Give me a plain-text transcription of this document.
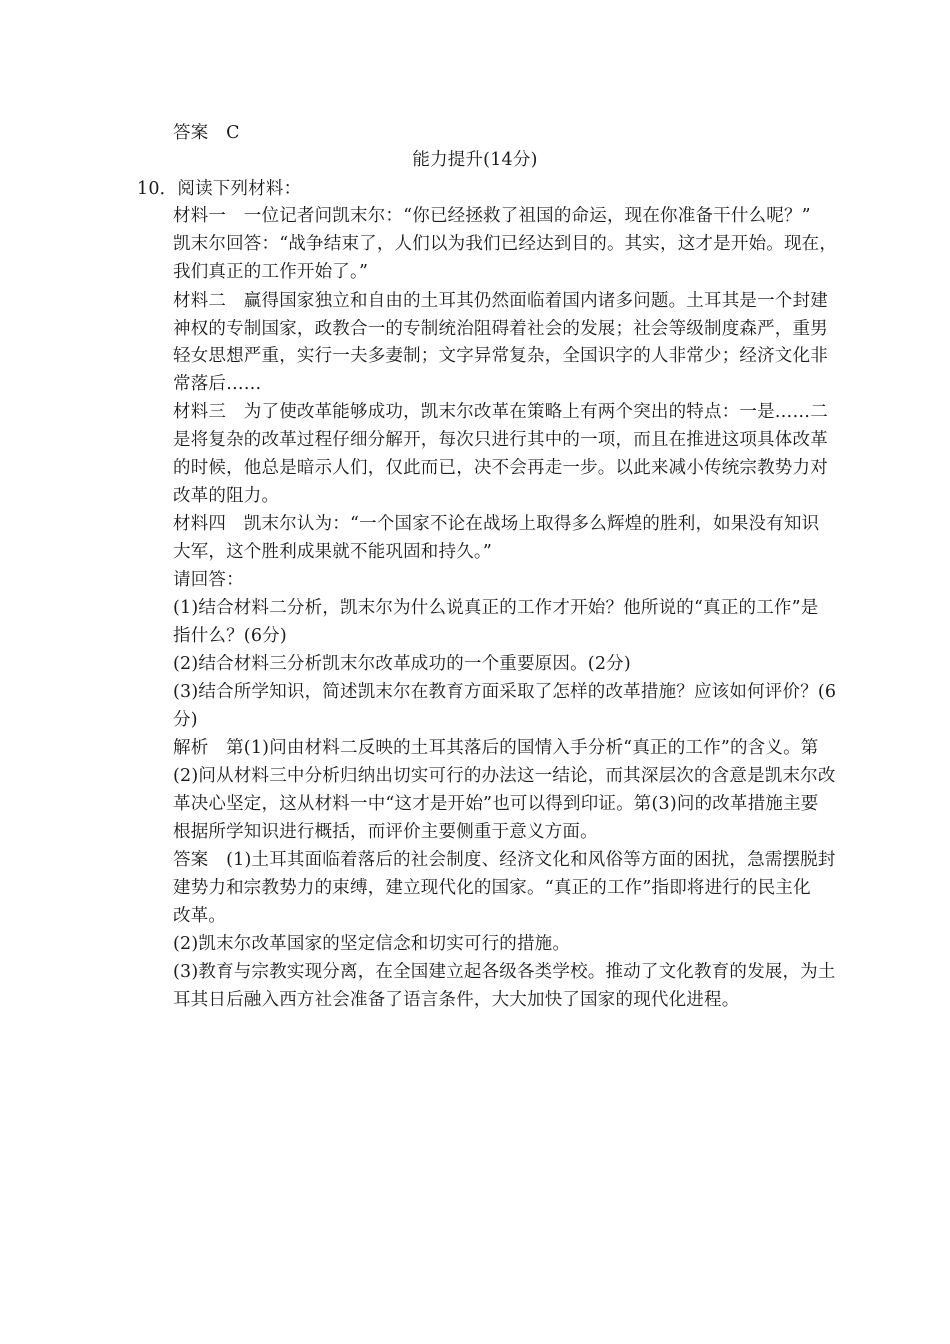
答案　C
能力提升(14分)
10．阅读下列材料：
材料一　一位记者问凯末尔：“你已经拯救了祖国的命运，现在你准备干什么呢？”
凯末尔回答：“战争结束了，人们以为我们已经达到目的。其实，这才是开始。现在，
我们真正的工作开始了。”
材料二　赢得国家独立和自由的土耳其仍然面临着国内诸多问题。土耳其是一个封建
神权的专制国家，政教合一的专制统治阻碍着社会的发展；社会等级制度森严，重男
轻女思想严重，实行一夫多妻制；文字异常复杂，全国识字的人非常少；经济文化非
常落后……
材料三　为了使改革能够成功，凯末尔改革在策略上有两个突出的特点：一是……二
是将复杂的改革过程仔细分解开，每次只进行其中的一项，而且在推进这项具体改革
的时候，他总是暗示人们，仅此而已，决不会再走一步。以此来减小传统宗教势力对
改革的阻力。
材料四　凯末尔认为：“一个国家不论在战场上取得多么辉煌的胜利，如果没有知识
大军，这个胜利成果就不能巩固和持久。”
请回答：
(1)结合材料二分析，凯末尔为什么说真正的工作才开始？他所说的“真正的工作”是
指什么？(6分)
(2)结合材料三分析凯末尔改革成功的一个重要原因。(2分)
(3)结合所学知识，简述凯末尔在教育方面采取了怎样的改革措施？应该如何评价？(6
分)
解析　第(1)问由材料二反映的土耳其落后的国情入手分析“真正的工作”的含义。第
(2)问从材料三中分析归纳出切实可行的办法这一结论，而其深层次的含意是凯末尔改
革决心坚定，这从材料一中“这才是开始”也可以得到印证。第(3)问的改革措施主要
根据所学知识进行概括，而评价主要侧重于意义方面。
答案　(1)土耳其面临着落后的社会制度、经济文化和风俗等方面的困扰，急需摆脱封
建势力和宗教势力的束缚，建立现代化的国家。“真正的工作”指即将进行的民主化
改革。
(2)凯末尔改革国家的坚定信念和切实可行的措施。
(3)教育与宗教实现分离，在全国建立起各级各类学校。推动了文化教育的发展，为土
耳其日后融入西方社会准备了语言条件，大大加快了国家的现代化进程。
